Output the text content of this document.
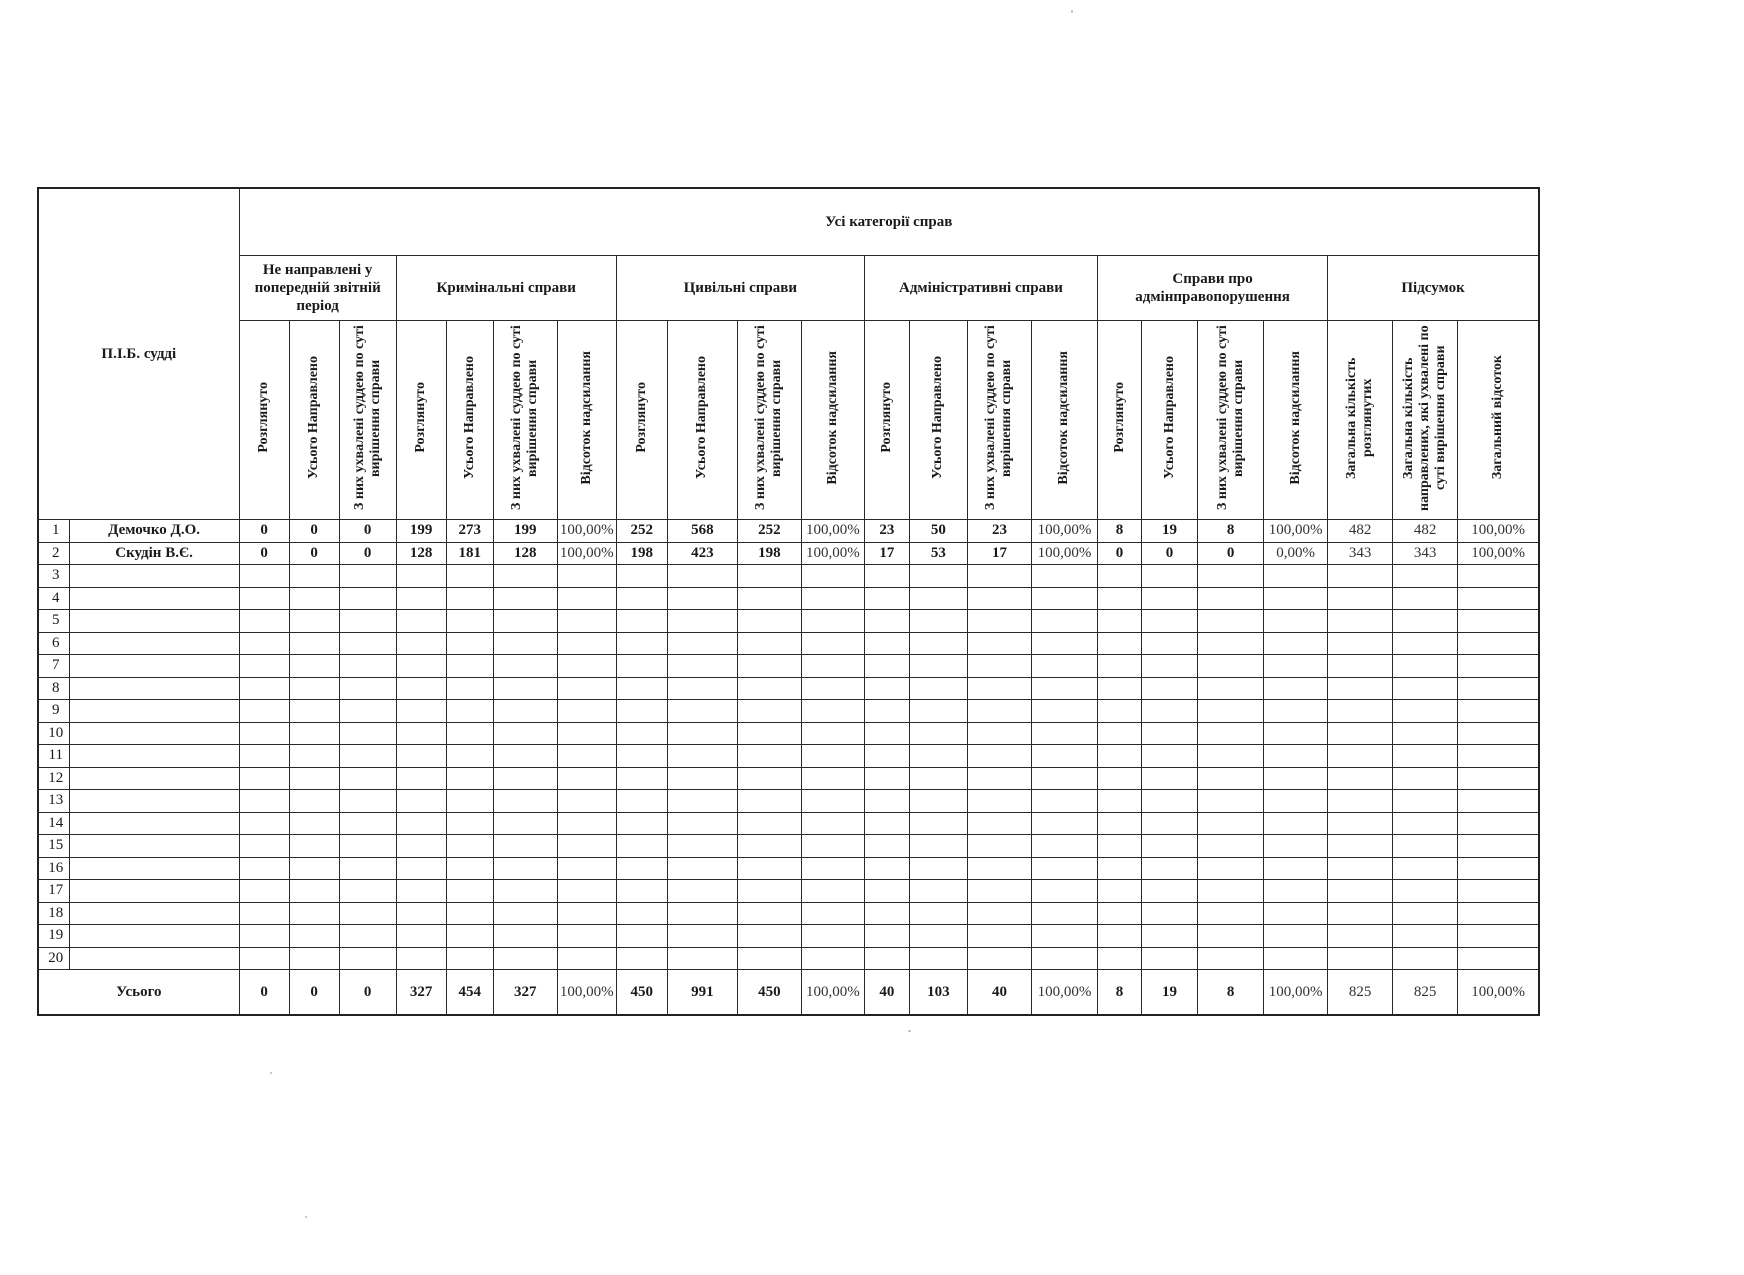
П.І.Б. судді		Усі категорії справ																					
		Не направлені у попередній звітній період			Кримінальні справи				Цивільні справи				Адміністративні справи				Справи про адмінправопорушення				Підсумок		
		Розглянуто	Усього Направлено	З них ухвалені суддею по суті вирішення справи	Розглянуто	Усього Направлено	З них ухвалені суддею по суті вирішення справи	Відсоток надсилання	Розглянуто	Усього Направлено	З них ухвалені суддею по суті вирішення справи	Відсоток надсилання	Розглянуто	Усього Направлено	З них ухвалені суддею по суті вирішення справи	Відсоток надсилання	Розглянуто	Усього Направлено	З них ухвалені суддею по суті вирішення справи	Відсоток надсилання	Загальна кількість розглянутих	Загальна кількість направлених, які ухвалені по суті вирішення справи	Загальний відсоток
1	Демочко Д.О.	0	0	0	199	273	199	100,00%	252	568	252	100,00%	23	50	23	100,00%	8	19	8	100,00%	482	482	100,00%
2	Скудін В.Є.	0	0	0	128	181	128	100,00%	198	423	198	100,00%	17	53	17	100,00%	0	0	0	0,00%	343	343	100,00%
3																							
4																							
5																							
6																							
7																							
8																							
9																							
10																							
11																							
12																							
13																							
14																							
15																							
16																							
17																							
18																							
19																							
20																							
Усього		0	0	0	327	454	327	100,00%	450	991	450	100,00%	40	103	40	100,00%	8	19	8	100,00%	825	825	100,00%
